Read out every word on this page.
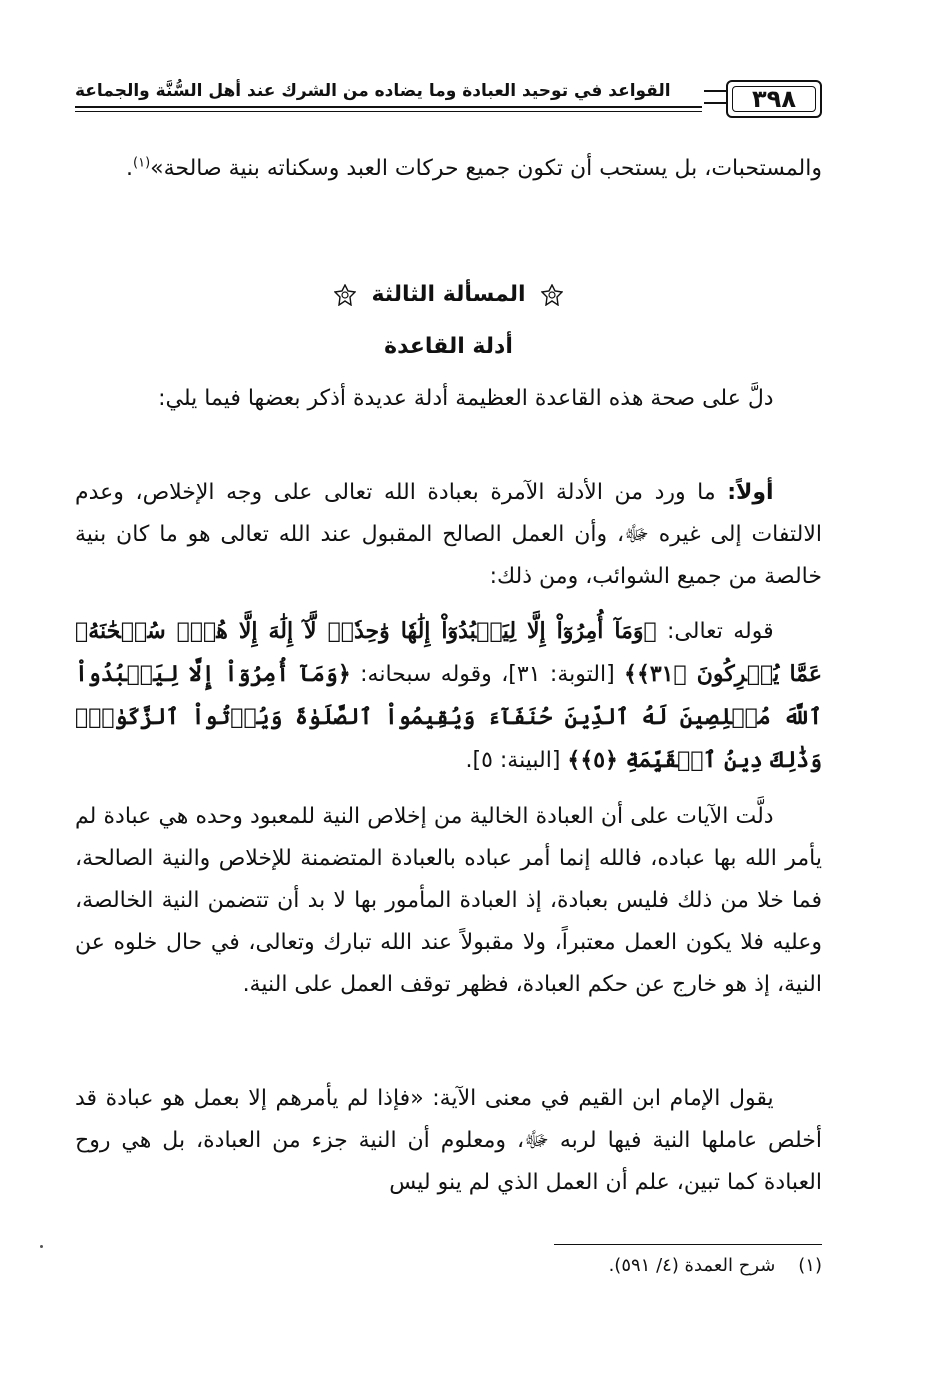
٣٩٨
القواعد في توحيد العبادة وما يضاده من الشرك عند أهل السُّنَّة والجماعة
والمستحبات، بل يستحب أن تكون جميع حركات العبد وسكناته بنية صالحة»$^{(١)}$.
المسألة الثالثة
أدلة القاعدة
دلَّ على صحة هذه القاعدة العظيمة أدلة عديدة أذكر بعضها فيما يلي:
أولاً: ما ورد من الأدلة الآمرة بعبادة الله تعالى على وجه الإخلاص، وعدم الالتفات إلى غيره ﷻ، وأن العمل الصالح المقبول عند الله تعالى هو ما كان بنية خالصة من جميع الشوائب، ومن ذلك:
قوله تعالى: ﴿وَمَآ أُمِرُوٓاْ إِلَّا لِيَعۡبُدُوٓاْ إِلَٰهٗا وَٰحِدٗاۖ لَّآ إِلَٰهَ إِلَّا هُوَۚ سُبۡحَٰنَهُۥ عَمَّا يُشۡرِكُونَ ﴿٣١﴾﴾ [التوبة: ٣١]، وقوله سبحانه: ﴿وَمَآ أُمِرُوٓاْ إِلَّا لِيَعۡبُدُواْ ٱللَّهَ مُخۡلِصِينَ لَهُ ٱلدِّينَ حُنَفَآءَ وَيُقِيمُواْ ٱلصَّلَوٰةَ وَيُؤۡتُواْ ٱلزَّكَوٰةَۚ وَذَٰلِكَ دِينُ ٱلۡقَيِّمَةِ ﴿٥﴾﴾ [البينة: ٥].
دلَّت الآيات على أن العبادة الخالية من إخلاص النية للمعبود وحده هي عبادة لم يأمر الله بها عباده، فالله إنما أمر عباده بالعبادة المتضمنة للإخلاص والنية الصالحة، فما خلا من ذلك فليس بعبادة، إذ العبادة المأمور بها لا بد أن تتضمن النية الخالصة، وعليه فلا يكون العمل معتبراً، ولا مقبولاً عند الله تبارك وتعالى، في حال خلوه عن النية، إذ هو خارج عن حكم العبادة، فظهر توقف العمل على النية.
يقول الإمام ابن القيم في معنى الآية: «فإذا لم يأمرهم إلا بعمل هو عبادة قد أخلص عاملها النية فيها لربه ﷻ، ومعلوم أن النية جزء من العبادة، بل هي روح العبادة كما تبين، علم أن العمل الذي لم ينو ليس
(١)    شرح العمدة (٤/ ٥٩١).
